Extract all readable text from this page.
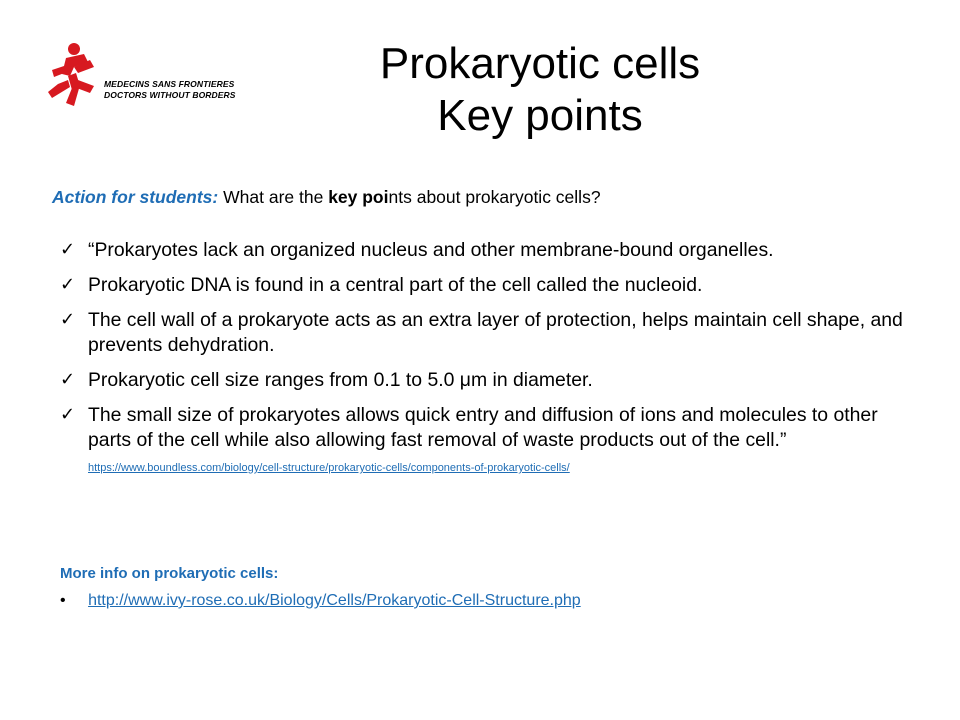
MEDECINS SANS FRONTIERES
DOCTORS WITHOUT BORDERS
Prokaryotic cells
Key points
Action for students: What are the key points about prokaryotic cells?
✓ “Prokaryotes lack an organized nucleus and other membrane-bound organelles.
✓ Prokaryotic DNA is found in a central part of the cell called the nucleoid.
✓ The cell wall of a prokaryote acts as an extra layer of protection, helps maintain cell shape, and prevents dehydration.
✓ Prokaryotic cell size ranges from 0.1 to 5.0 μm in diameter.
✓ The small size of prokaryotes allows quick entry and diffusion of ions and molecules to other parts of the cell while also allowing fast removal of waste products out of the cell.” https://www.boundless.com/biology/cell-structure/prokaryotic-cells/components-of-prokaryotic-cells/
More info on prokaryotic cells:
• http://www.ivy-rose.co.uk/Biology/Cells/Prokaryotic-Cell-Structure.php
